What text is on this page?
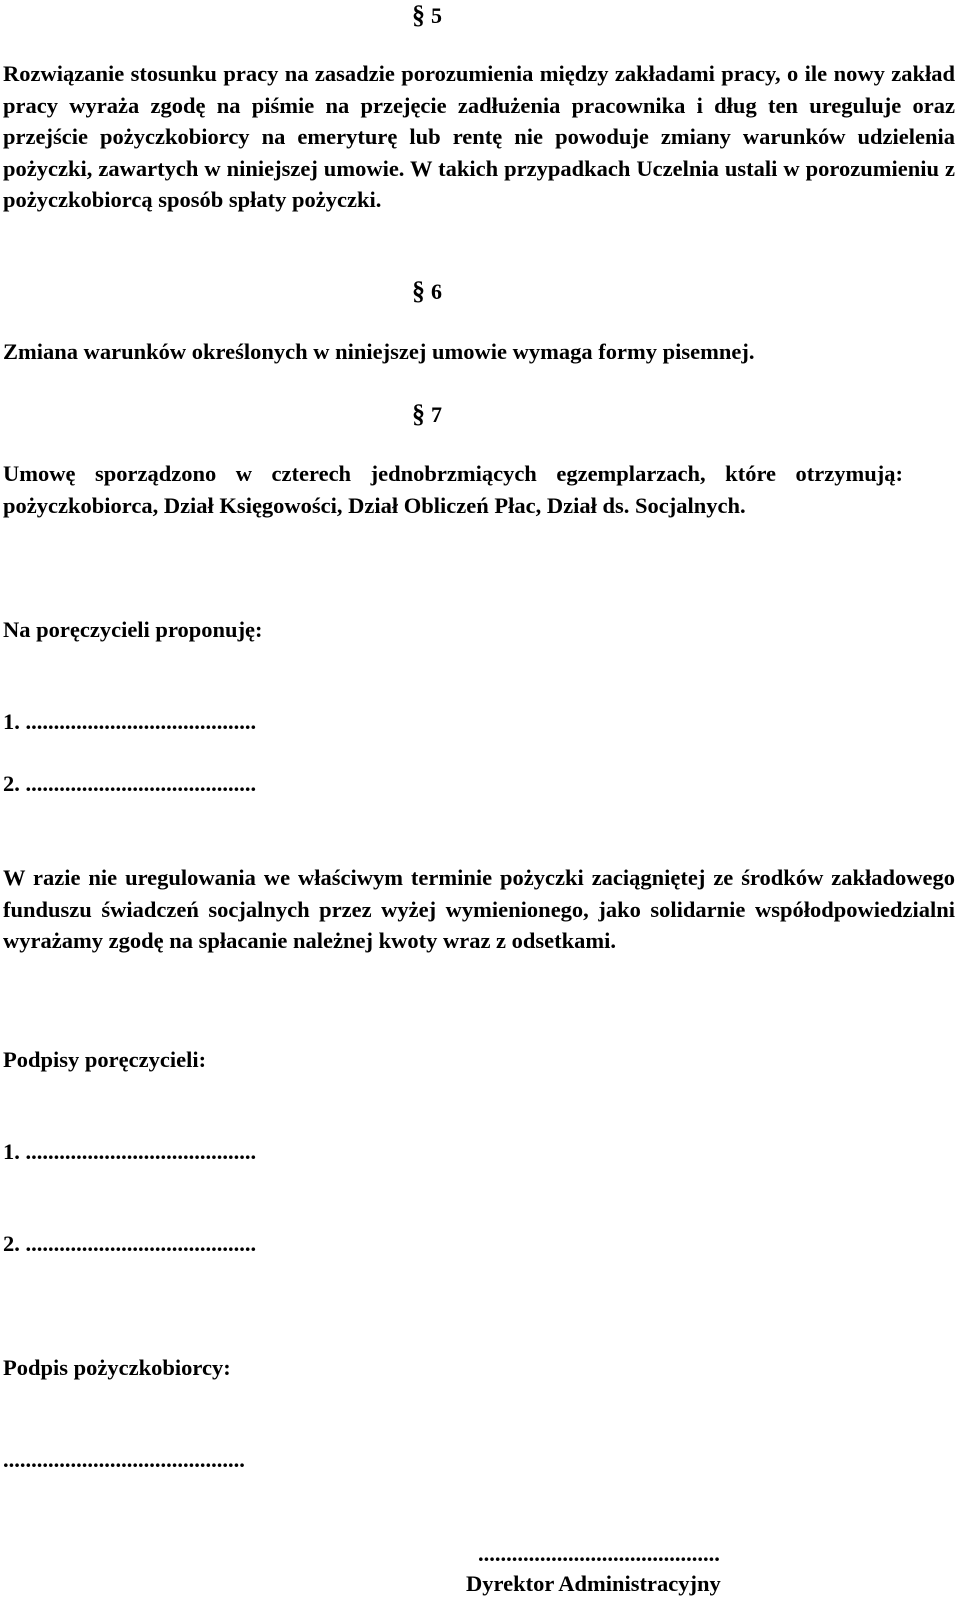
§ 5

Rozwiązanie stosunku pracy na zasadzie porozumienia między zakładami pracy, o ile nowy zakład pracy wyraża zgodę na piśmie na przejęcie zadłużenia pracownika i dług ten ureguluje oraz przejście pożyczkobiorcy na emeryturę lub rentę nie powoduje zmiany warunków udzielenia pożyczki, zawartych w niniejszej umowie. W takich przypadkach Uczelnia ustali w porozumieniu z pożyczkobiorcą sposób spłaty pożyczki.

§ 6

Zmiana warunków określonych w niniejszej umowie wymaga formy pisemnej.

§ 7

Umowę sporządzono w czterech jednobrzmiących egzemplarzach, które otrzymują: pożyczkobiorca, Dział Księgowości, Dział Obliczeń Płac, Dział ds. Socjalnych.

Na poręczycieli proponuję:

1. .........................................

2. .........................................

W razie nie uregulowania we właściwym terminie pożyczki zaciągniętej ze środków zakładowego funduszu świadczeń socjalnych przez wyżej wymienionego, jako solidarnie współodpowiedzialni wyrażamy zgodę na spłacanie należnej kwoty wraz z odsetkami.

Podpisy poręczycieli:

1. .........................................

2. .........................................

Podpis pożyczkobiorcy:

...........................................

...........................................

Dyrektor Administracyjny
